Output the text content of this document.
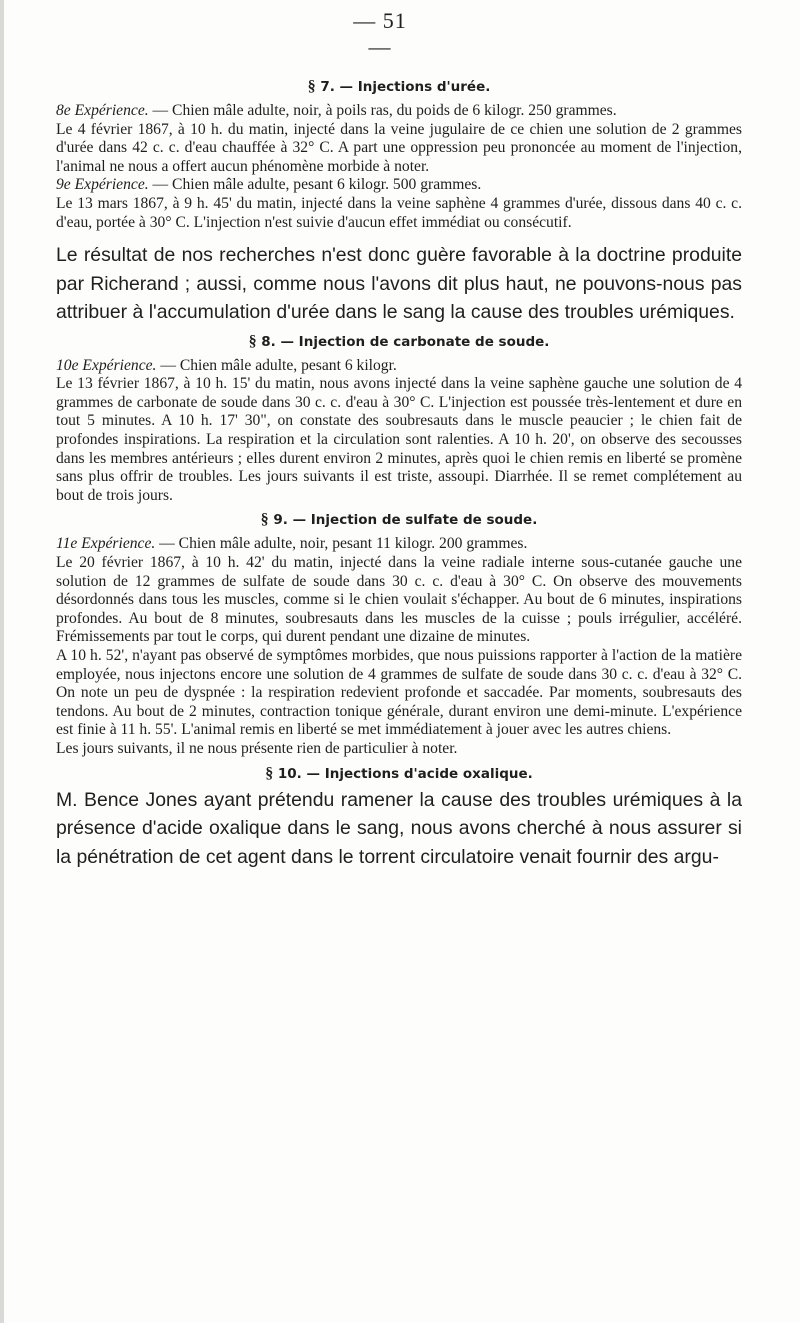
— 51 —

§ 7. — Injections d'urée.

8e Expérience. — Chien mâle adulte, noir, à poils ras, du poids de 6 kilogr. 250 grammes.

Le 4 février 1867, à 10 h. du matin, injecté dans la veine jugulaire de ce chien une solution de 2 grammes d'urée dans 42 c. c. d'eau chauffée à 32° C. A part une oppression peu prononcée au moment de l'injection, l'animal ne nous a offert aucun phénomène morbide à noter.

9e Expérience. — Chien mâle adulte, pesant 6 kilogr. 500 grammes.

Le 13 mars 1867, à 9 h. 45' du matin, injecté dans la veine saphène 4 grammes d'urée, dissous dans 40 c. c. d'eau, portée à 30° C. L'injection n'est suivie d'aucun effet immédiat ou consécutif.

Le résultat de nos recherches n'est donc guère favorable à la doctrine produite par Richerand ; aussi, comme nous l'avons dit plus haut, ne pouvons-nous pas attribuer à l'accumulation d'urée dans le sang la cause des troubles urémiques.

§ 8. — Injection de carbonate de soude.

10e Expérience. — Chien mâle adulte, pesant 6 kilogr.

Le 13 février 1867, à 10 h. 15' du matin, nous avons injecté dans la veine saphène gauche une solution de 4 grammes de carbonate de soude dans 30 c. c. d'eau à 30° C. L'injection est poussée très-lentement et dure en tout 5 minutes. A 10 h. 17' 30", on constate des soubresauts dans le muscle peaucier ; le chien fait de profondes inspirations. La respiration et la circulation sont ralenties. A 10 h. 20', on observe des secousses dans les membres antérieurs ; elles durent environ 2 minutes, après quoi le chien remis en liberté se promène sans plus offrir de troubles. Les jours suivants il est triste, assoupi. Diarrhée. Il se remet complétement au bout de trois jours.

§ 9. — Injection de sulfate de soude.

11e Expérience. — Chien mâle adulte, noir, pesant 11 kilogr. 200 grammes.

Le 20 février 1867, à 10 h. 42' du matin, injecté dans la veine radiale interne sous-cutanée gauche une solution de 12 grammes de sulfate de soude dans 30 c. c. d'eau à 30° C. On observe des mouvements désordonnés dans tous les muscles, comme si le chien voulait s'échapper. Au bout de 6 minutes, inspirations profondes. Au bout de 8 minutes, soubresauts dans les muscles de la cuisse ; pouls irrégulier, accéléré. Frémissements par tout le corps, qui durent pendant une dizaine de minutes.

A 10 h. 52', n'ayant pas observé de symptômes morbides, que nous puissions rapporter à l'action de la matière employée, nous injectons encore une solution de 4 grammes de sulfate de soude dans 30 c. c. d'eau à 32° C. On note un peu de dyspnée : la respiration redevient profonde et saccadée. Par moments, soubresauts des tendons. Au bout de 2 minutes, contraction tonique générale, durant environ une demi-minute. L'expérience est finie à 11 h. 55'. L'animal remis en liberté se met immédiatement à jouer avec les autres chiens.

Les jours suivants, il ne nous présente rien de particulier à noter.

§ 10. — Injections d'acide oxalique.

M. Bence Jones ayant prétendu ramener la cause des troubles urémiques à la présence d'acide oxalique dans le sang, nous avons cherché à nous assurer si la pénétration de cet agent dans le torrent circulatoire venait fournir des argu-
